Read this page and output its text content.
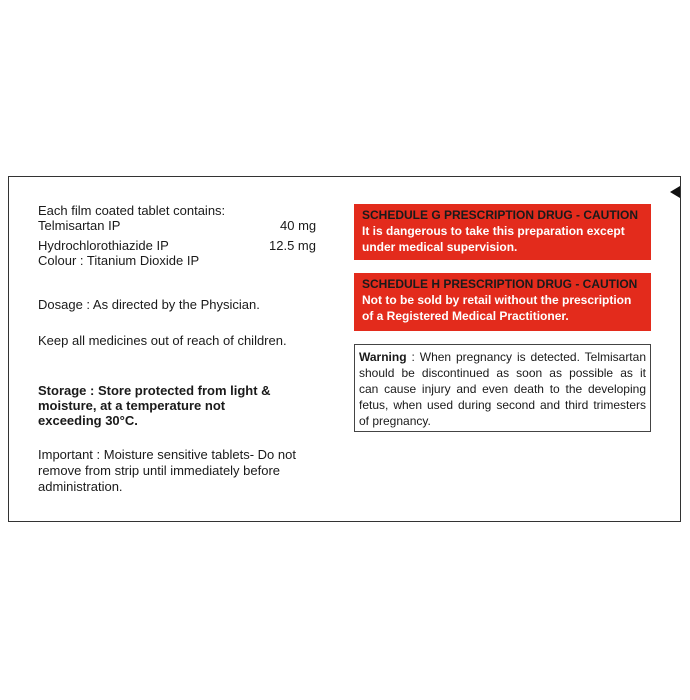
Each film coated tablet contains:
Telmisartan IP	40 mg
Hydrochlorothiazide IP	12.5 mg
Colour : Titanium Dioxide IP
Dosage : As directed by the Physician.
Keep all medicines out of reach of children.
Storage : Store protected from light &
moisture, at a temperature not
exceeding 30°C.
Important : Moisture sensitive tablets- Do not
remove from strip until immediately before
administration.
SCHEDULE G PRESCRIPTION DRUG - CAUTION
It is dangerous to take this preparation except
under medical supervision.
SCHEDULE H PRESCRIPTION DRUG - CAUTION
Not to be sold by retail without the prescription
of a Registered Medical Practitioner.
Warning : When pregnancy is detected. Telmisartan
should be discontinued as soon as possible as it
can cause injury and even death to the developing
fetus, when used during second and third trimesters
of pregnancy.
